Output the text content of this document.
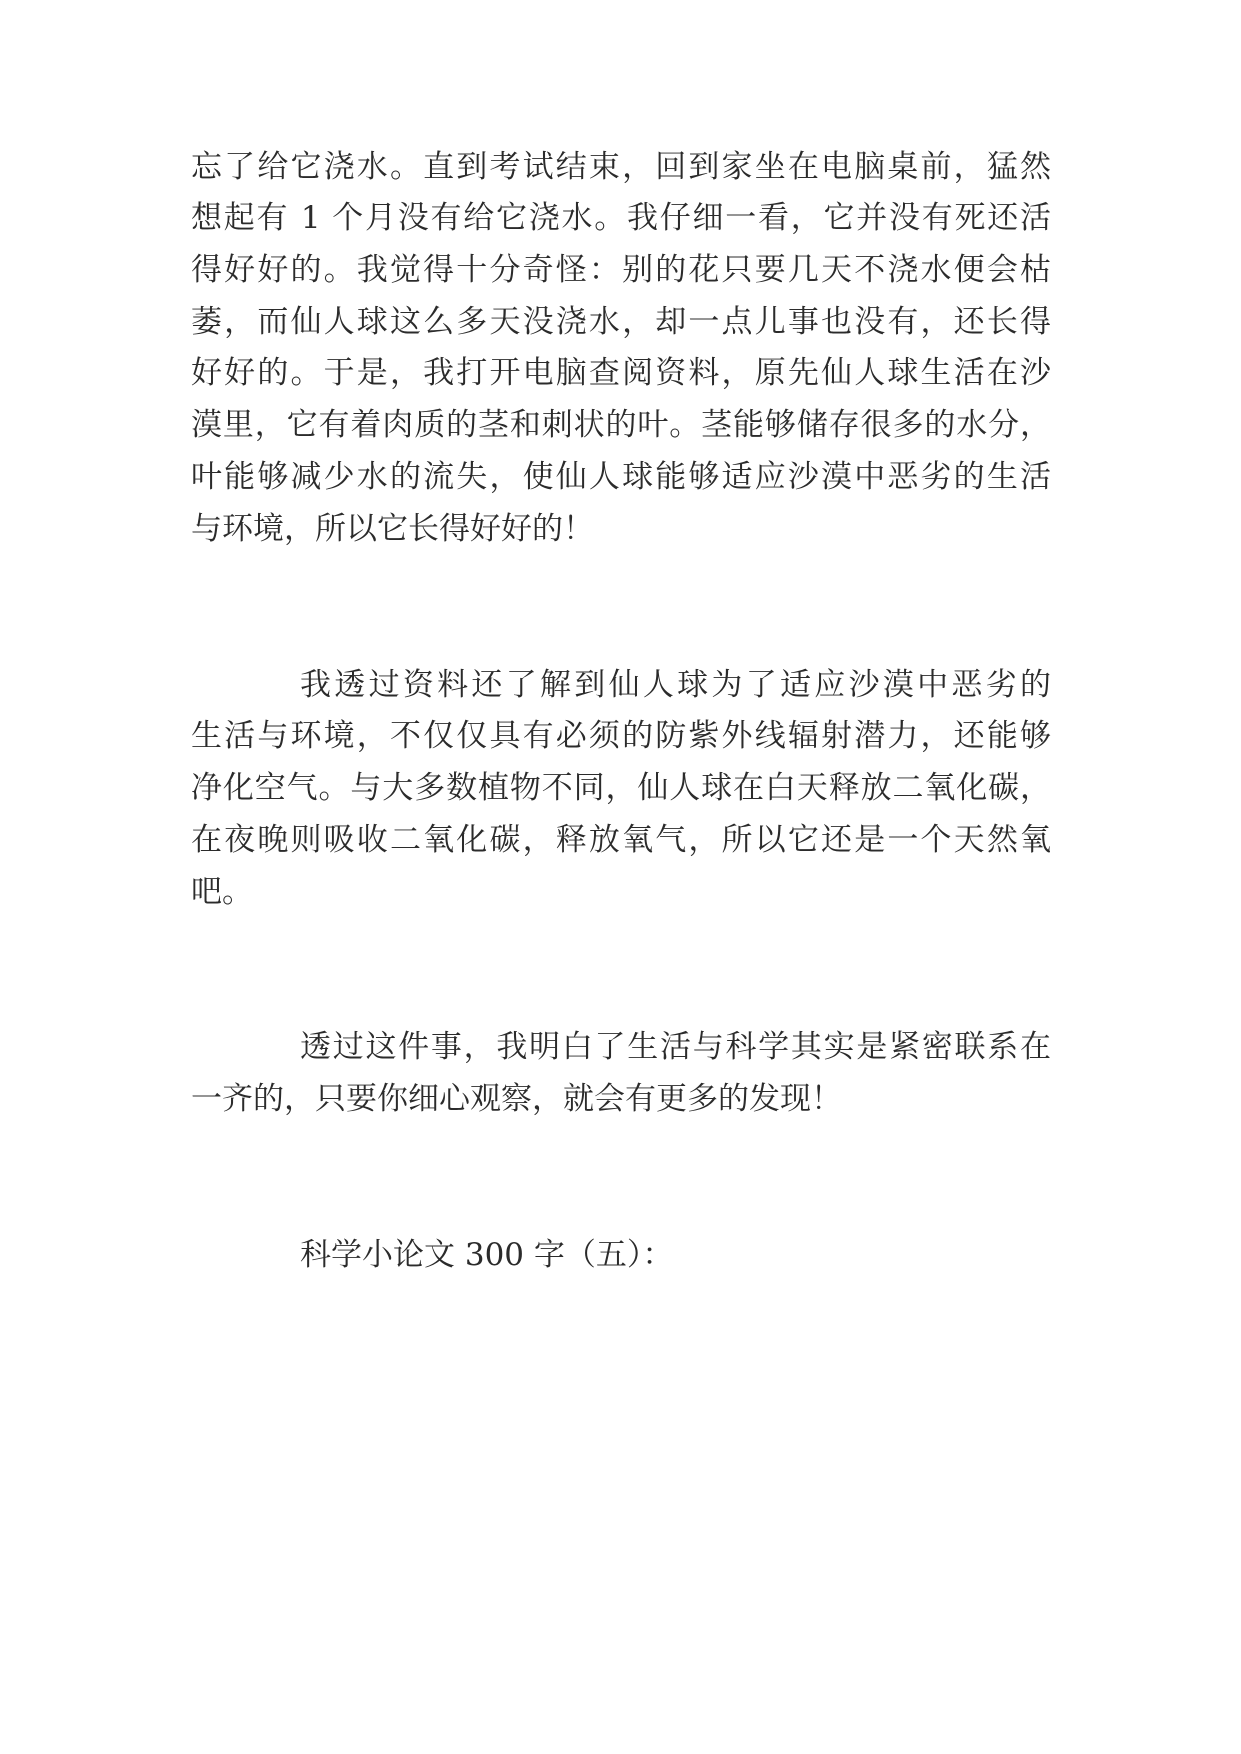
忘了给它浇水。直到考试结束，回到家坐在电脑桌前，猛然
想起有 1 个月没有给它浇水。我仔细一看，它并没有死还活
得好好的。我觉得十分奇怪：别的花只要几天不浇水便会枯
萎，而仙人球这么多天没浇水，却一点儿事也没有，还长得
好好的。于是，我打开电脑查阅资料，原先仙人球生活在沙
漠里，它有着肉质的茎和刺状的叶。茎能够储存很多的水分，
叶能够减少水的流失，使仙人球能够适应沙漠中恶劣的生活
与环境，所以它长得好好的！
我透过资料还了解到仙人球为了适应沙漠中恶劣的
生活与环境，不仅仅具有必须的防紫外线辐射潜力，还能够
净化空气。与大多数植物不同，仙人球在白天释放二氧化碳，
在夜晚则吸收二氧化碳，释放氧气，所以它还是一个天然氧
吧。
透过这件事，我明白了生活与科学其实是紧密联系在
一齐的，只要你细心观察，就会有更多的发现！
科学小论文 300 字（五）：
